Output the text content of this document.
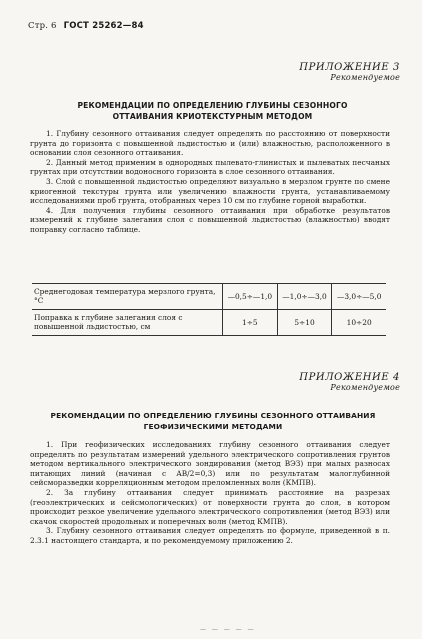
Стр. 6 ГОСТ 25262—84
ПРИЛОЖЕНИЕ 3
Рекомендуемое
РЕКОМЕНДАЦИИ ПО ОПРЕДЕЛЕНИЮ ГЛУБИНЫ СЕЗОННОГО
ОТТАИВАНИЯ КРИОТЕКСТУРНЫМ МЕТОДОМ

1. Глубину сезонного оттаивания следует определять по расстоянию от поверхности грунта до горизонта с повышенной льдистостью и (или) влажностью, расположенного в основании слоя сезонного оттаивания.

2. Данный метод применим в однородных пылевато-глинистых и пылеватых песчаных грунтах при отсутствии водоносного горизонта в слое сезонного оттаивания.

3. Слой с повышенной льдистостью определяют визуально в мерзлом грунте по смене криогенной текстуры грунта или увеличению влажности грунта, устанавливаемому исследованиями проб грунта, отобранных через 10 см по глубине горной выработки.

4. Для получения глубины сезонного оттаивания при обработке результатов измерений к глубине залегания слоя с повышенной льдистостью (влажностью) вводят поправку согласно таблице.

Среднегодовая температура мерзлого грунта, °С	—0,5÷—1,0	—1,0÷—3,0	—3,0÷—5,0
Поправка к глубине залегания слоя с повышенной льдистостью, см	1÷5	5÷10	10÷20
ПРИЛОЖЕНИЕ 4
Рекомендуемое
РЕКОМЕНДАЦИИ ПО ОПРЕДЕЛЕНИЮ ГЛУБИНЫ СЕЗОННОГО ОТТАИВАНИЯ
ГЕОФИЗИЧЕСКИМИ МЕТОДАМИ

1. При геофизических исследованиях глубину сезонного оттаивания следует определять по результатам измерений удельного электрического сопротивления грунтов методом вертикального электрического зондирования (метод ВЭЗ) при малых разносах питающих линий (начиная с AB/2=0,3) или по результатам малоглубинной сейсморазведки корреляционным методом преломленных волн (КМПВ).

2. За глубину оттаивания следует принимать расстояние на разрезах (геоэлектрических и сейсмологических) от поверхности грунта до слоя, в котором происходит резкое увеличение удельного электрического сопротивления (метод ВЭЗ) или скачок скоростей продольных и поперечных волн (метод КМПВ).

3. Глубину сезонного оттаивания следует определять по формуле, приведенной в п. 2.3.1 настоящего стандарта, и по рекомендуемому приложению 2.

— — — — —
